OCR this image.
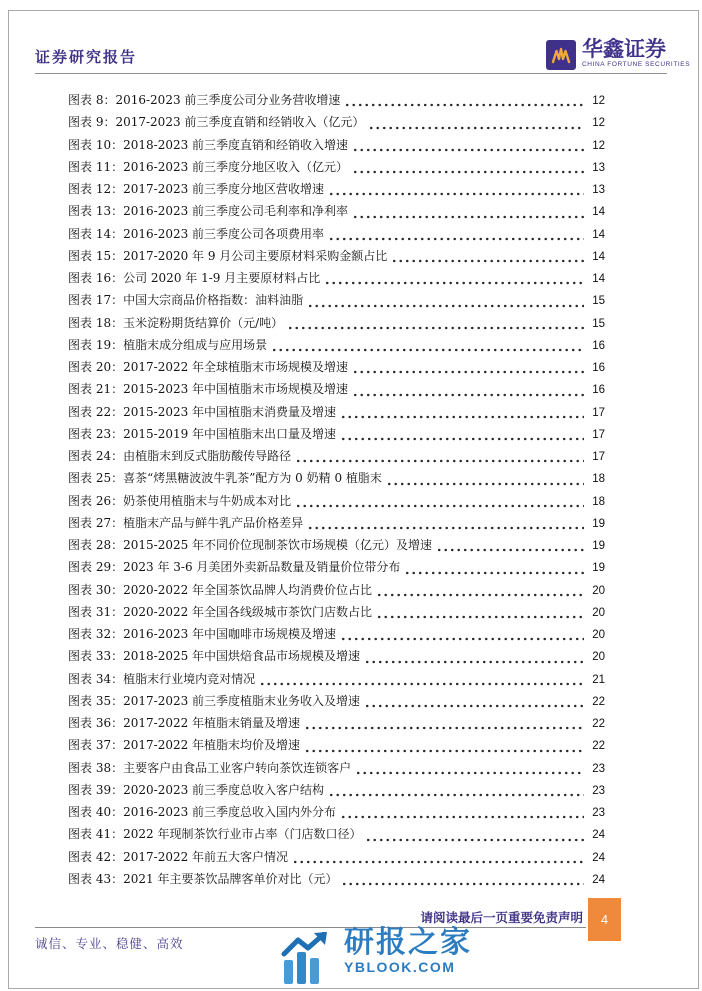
证券研究报告	华鑫证券
CHINA FORTUNE SECURITIES
图表 8： 2016-2023 前三季度公司分业务营收增速	12
图表 9： 2017-2023 前三季度直销和经销收入（亿元）	12
图表 10： 2018-2023 前三季度直销和经销收入增速	12
图表 11： 2016-2023 前三季度分地区收入（亿元）	13
图表 12： 2017-2023 前三季度分地区营收增速	13
图表 13： 2016-2023 前三季度公司毛利率和净利率	14
图表 14： 2016-2023 前三季度公司各项费用率	14
图表 15： 2017-2020 年 9 月公司主要原材料采购金额占比	14
图表 16： 公司 2020 年 1-9 月主要原材料占比	14
图表 17： 中国大宗商品价格指数：油料油脂	15
图表 18： 玉米淀粉期货结算价（元/吨）	15
图表 19： 植脂末成分组成与应用场景	16
图表 20： 2017-2022 年全球植脂末市场规模及增速	16
图表 21： 2015-2023 年中国植脂末市场规模及增速	16
图表 22： 2015-2023 年中国植脂末消费量及增速	17
图表 23： 2015-2019 年中国植脂末出口量及增速	17
图表 24： 由植脂末到反式脂肪酸传导路径	17
图表 25： 喜茶“烤黑糖波波牛乳茶”配方为 0 奶精 0 植脂末	18
图表 26： 奶茶使用植脂末与牛奶成本对比	18
图表 27： 植脂末产品与鲜牛乳产品价格差异	19
图表 28： 2015-2025 年不同价位现制茶饮市场规模（亿元）及增速	19
图表 29： 2023 年 3-6 月美团外卖新品数量及销量价位带分布	19
图表 30： 2020-2022 年全国茶饮品牌人均消费价位占比	20
图表 31： 2020-2022 年全国各线级城市茶饮门店数占比	20
图表 32： 2016-2023 年中国咖啡市场规模及增速	20
图表 33： 2018-2025 年中国烘焙食品市场规模及增速	20
图表 34： 植脂末行业境内竞对情况	21
图表 35： 2017-2023 前三季度植脂末业务收入及增速	22
图表 36： 2017-2022 年植脂末销量及增速	22
图表 37： 2017-2022 年植脂末均价及增速	22
图表 38： 主要客户由食品工业客户转向茶饮连锁客户	23
图表 39： 2020-2023 前三季度总收入客户结构	23
图表 40： 2016-2023 前三季度总收入国内外分布	23
图表 41： 2022 年现制茶饮行业市占率（门店数口径）	24
图表 42： 2017-2022 年前五大客户情况	24
图表 43： 2021 年主要茶饮品牌客单价对比（元）	24
请阅读最后一页重要免责声明	4
诚信、专业、稳健、高效	研报之家
YBLOOK.COM
